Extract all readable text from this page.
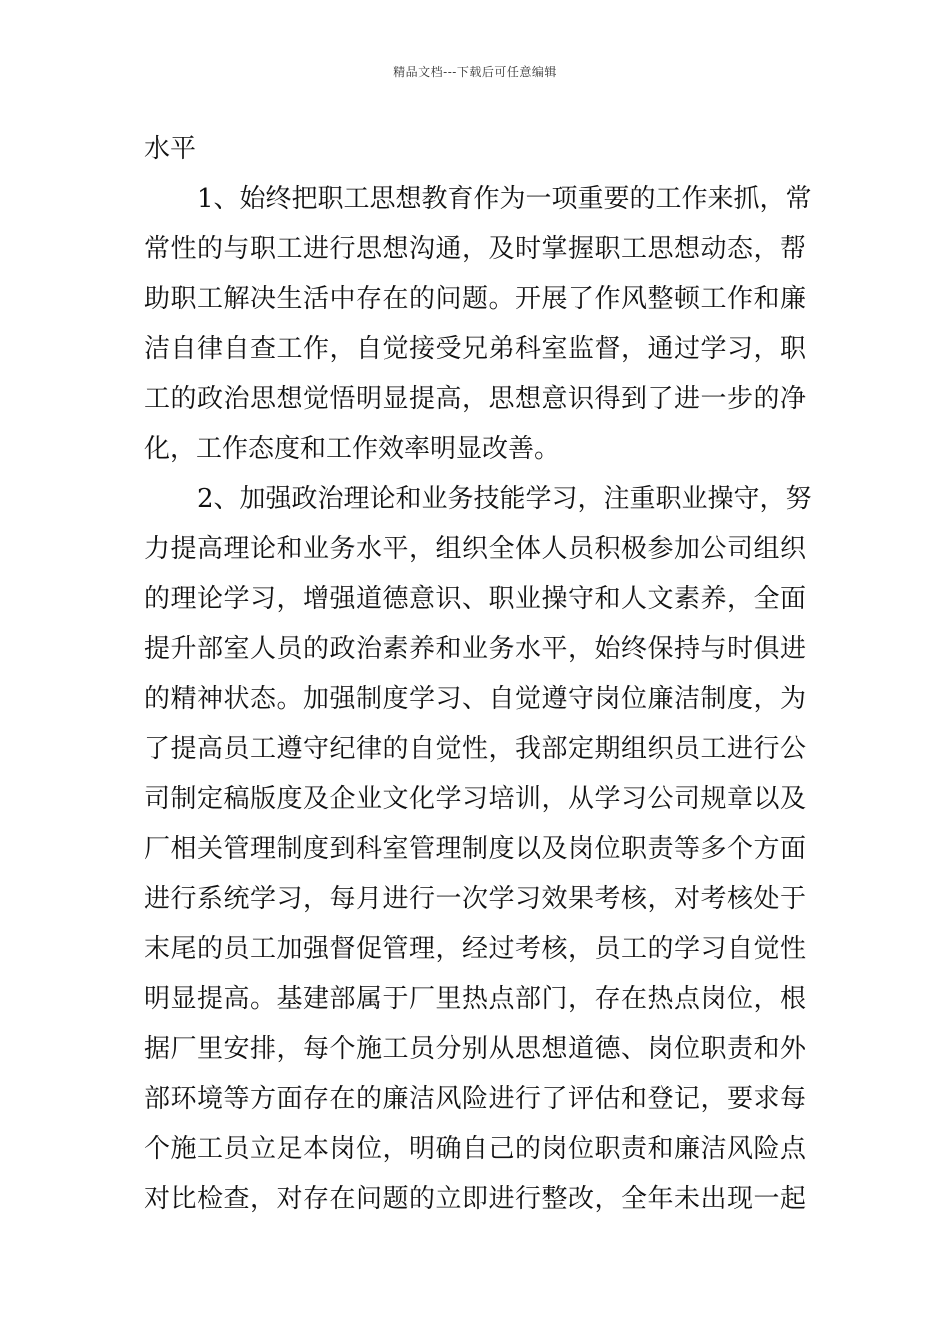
精品文档---下载后可任意编辑
水平
1、始终把职工思想教育作为一项重要的工作来抓，常
常性的与职工进行思想沟通，及时掌握职工思想动态，帮
助职工解决生活中存在的问题。开展了作风整顿工作和廉
洁自律自查工作，自觉接受兄弟科室监督，通过学习，职
工的政治思想觉悟明显提高，思想意识得到了进一步的净
化，工作态度和工作效率明显改善。
2、加强政治理论和业务技能学习，注重职业操守，努
力提高理论和业务水平，组织全体人员积极参加公司组织
的理论学习，增强道德意识、职业操守和人文素养，全面
提升部室人员的政治素养和业务水平，始终保持与时俱进
的精神状态。加强制度学习、自觉遵守岗位廉洁制度，为
了提高员工遵守纪律的自觉性，我部定期组织员工进行公
司制定稿版度及企业文化学习培训，从学习公司规章以及
厂相关管理制度到科室管理制度以及岗位职责等多个方面
进行系统学习，每月进行一次学习效果考核，对考核处于
末尾的员工加强督促管理，经过考核，员工的学习自觉性
明显提高。基建部属于厂里热点部门，存在热点岗位，根
据厂里安排，每个施工员分别从思想道德、岗位职责和外
部环境等方面存在的廉洁风险进行了评估和登记，要求每
个施工员立足本岗位，明确自己的岗位职责和廉洁风险点
对比检查，对存在问题的立即进行整改，全年未出现一起
